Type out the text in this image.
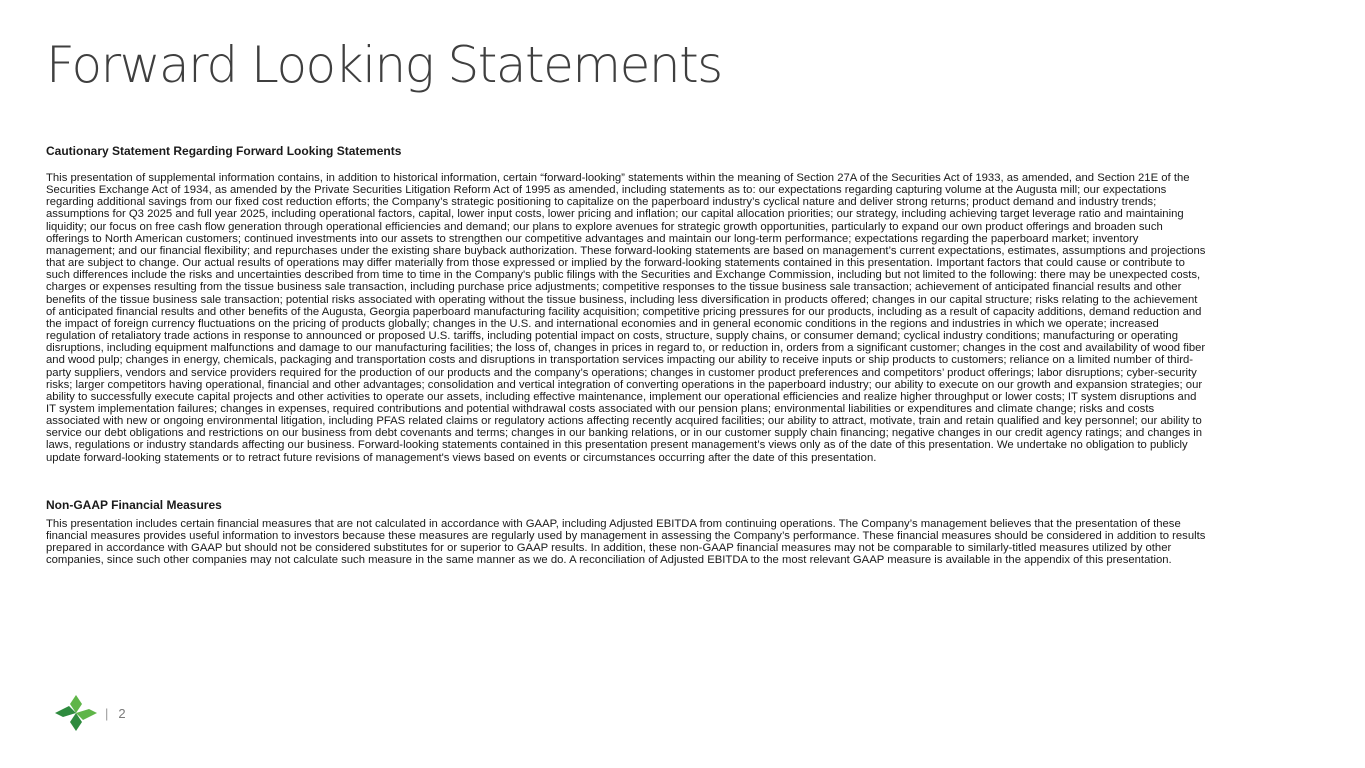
Forward Looking Statements

Cautionary Statement Regarding Forward Looking Statements

This presentation of supplemental information contains, in addition to historical information, certain “forward-looking” statements within the meaning of Section 27A of the Securities Act of 1933, as amended, and Section 21E of the Securities Exchange Act of 1934, as amended by the Private Securities Litigation Reform Act of 1995 as amended, including statements as to: our expectations regarding capturing volume at the Augusta mill; our expectations regarding additional savings from our fixed cost reduction efforts; the Company’s strategic positioning to capitalize on the paperboard industry’s cyclical nature and deliver strong returns; product demand and industry trends; assumptions for Q3 2025 and full year 2025, including operational factors, capital, lower input costs, lower pricing and inflation; our capital allocation priorities; our strategy, including achieving target leverage ratio and maintaining liquidity; our focus on free cash flow generation through operational efficiencies and demand; our plans to explore avenues for strategic growth opportunities, particularly to expand our own product offerings and broaden such offerings to North American customers; continued investments into our assets to strengthen our competitive advantages and maintain our long-term performance; expectations regarding the paperboard market; inventory management; and our financial flexibility; and repurchases under the existing share buyback authorization. These forward-looking statements are based on management’s current expectations, estimates, assumptions and projections that are subject to change. Our actual results of operations may differ materially from those expressed or implied by the forward-looking statements contained in this presentation. Important factors that could cause or contribute to such differences include the risks and uncertainties described from time to time in the Company's public filings with the Securities and Exchange Commission, including but not limited to the following: there may be unexpected costs, charges or expenses resulting from the tissue business sale transaction, including purchase price adjustments; competitive responses to the tissue business sale transaction; achievement of anticipated financial results and other benefits of the tissue business sale transaction; potential risks associated with operating without the tissue business, including less diversification in products offered; changes in our capital structure; risks relating to the achievement of anticipated financial results and other benefits of the Augusta, Georgia paperboard manufacturing facility acquisition; competitive pricing pressures for our products, including as a result of capacity additions, demand reduction and the impact of foreign currency fluctuations on the pricing of products globally; changes in the U.S. and international economies and in general economic conditions in the regions and industries in which we operate; increased regulation of retaliatory trade actions in response to announced or proposed U.S. tariffs, including potential impact on costs, structure, supply chains, or consumer demand; cyclical industry conditions; manufacturing or operating disruptions, including equipment malfunctions and damage to our manufacturing facilities; the loss of, changes in prices in regard to, or reduction in, orders from a significant customer; changes in the cost and availability of wood fiber and wood pulp; changes in energy, chemicals, packaging and transportation costs and disruptions in transportation services impacting our ability to receive inputs or ship products to customers; reliance on a limited number of third-party suppliers, vendors and service providers required for the production of our products and the company’s operations; changes in customer product preferences and competitors’ product offerings; labor disruptions; cyber-security risks; larger competitors having operational, financial and other advantages; consolidation and vertical integration of converting operations in the paperboard industry; our ability to execute on our growth and expansion strategies; our ability to successfully execute capital projects and other activities to operate our assets, including effective maintenance, implement our operational efficiencies and realize higher throughput or lower costs; IT system disruptions and IT system implementation failures; changes in expenses, required contributions and potential withdrawal costs associated with our pension plans; environmental liabilities or expenditures and climate change; risks and costs associated with new or ongoing environmental litigation, including PFAS related claims or regulatory actions affecting recently acquired facilities; our ability to attract, motivate, train and retain qualified and key personnel; our ability to service our debt obligations and restrictions on our business from debt covenants and terms; changes in our banking relations, or in our customer supply chain financing; negative changes in our credit agency ratings; and changes in laws, regulations or industry standards affecting our business. Forward-looking statements contained in this presentation present management’s views only as of the date of this presentation. We undertake no obligation to publicly update forward-looking statements or to retract future revisions of management's views based on events or circumstances occurring after the date of this presentation.

Non-GAAP Financial Measures

This presentation includes certain financial measures that are not calculated in accordance with GAAP, including Adjusted EBITDA from continuing operations. The Company’s management believes that the presentation of these financial measures provides useful information to investors because these measures are regularly used by management in assessing the Company’s performance. These financial measures should be considered in addition to results prepared in accordance with GAAP but should not be considered substitutes for or superior to GAAP results. In addition, these non-GAAP financial measures may not be comparable to similarly-titled measures utilized by other companies, since such other companies may not calculate such measure in the same manner as we do. A reconciliation of Adjusted EBITDA to the most relevant GAAP measure is available in the appendix of this presentation.

| 2
